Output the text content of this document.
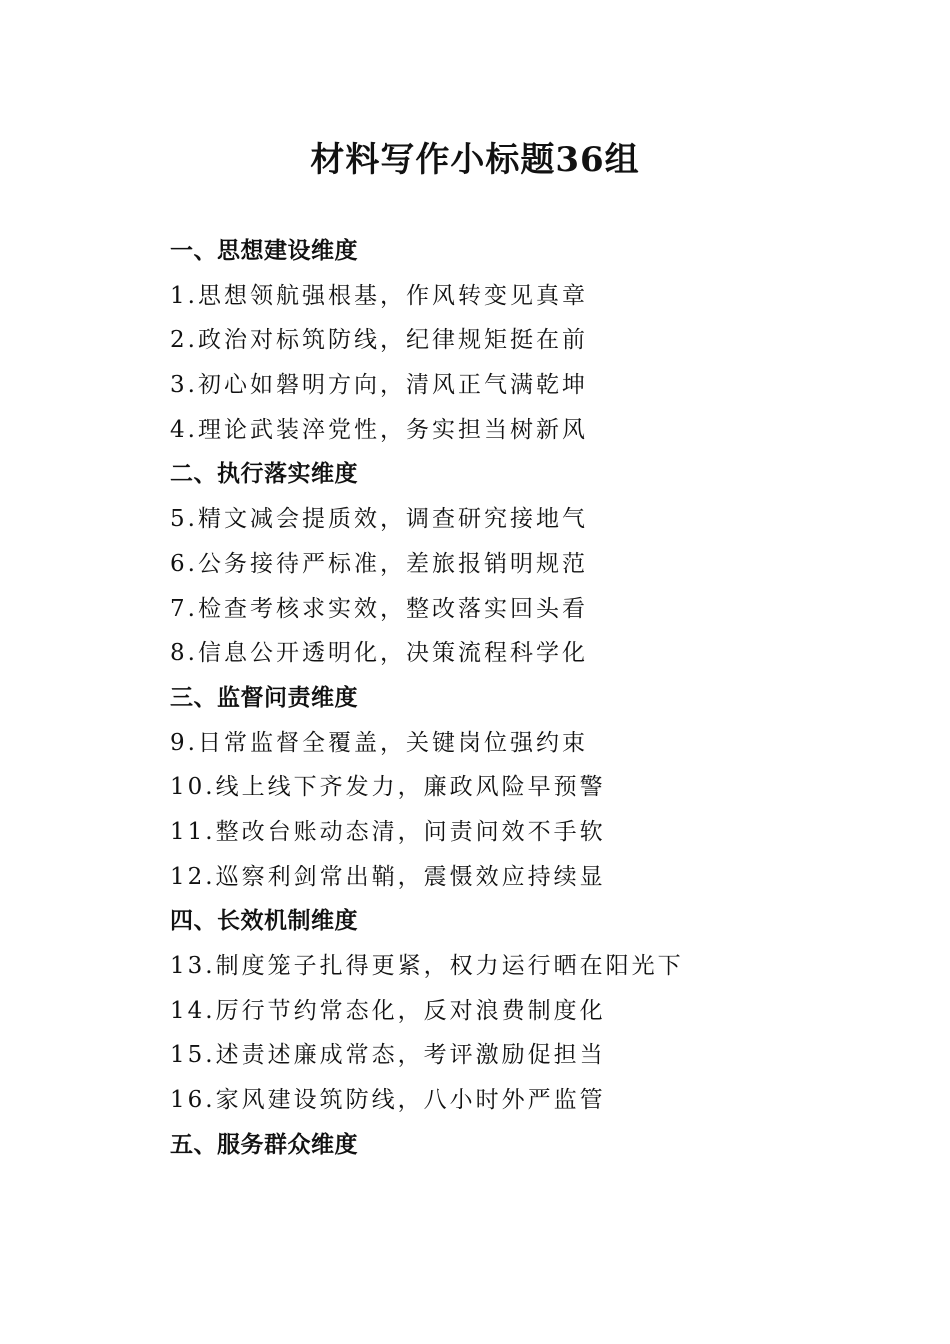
材料写作小标题36组
一、思想建设维度
1.思想领航强根基，作风转变见真章
2.政治对标筑防线，纪律规矩挺在前
3.初心如磐明方向，清风正气满乾坤
4.理论武装淬党性，务实担当树新风
二、执行落实维度
5.精文减会提质效，调查研究接地气
6.公务接待严标准，差旅报销明规范
7.检查考核求实效，整改落实回头看
8.信息公开透明化，决策流程科学化
三、监督问责维度
9.日常监督全覆盖，关键岗位强约束
10.线上线下齐发力，廉政风险早预警
11.整改台账动态清，问责问效不手软
12.巡察利剑常出鞘，震慑效应持续显
四、长效机制维度
13.制度笼子扎得更紧，权力运行晒在阳光下
14.厉行节约常态化，反对浪费制度化
15.述责述廉成常态，考评激励促担当
16.家风建设筑防线，八小时外严监管
五、服务群众维度
